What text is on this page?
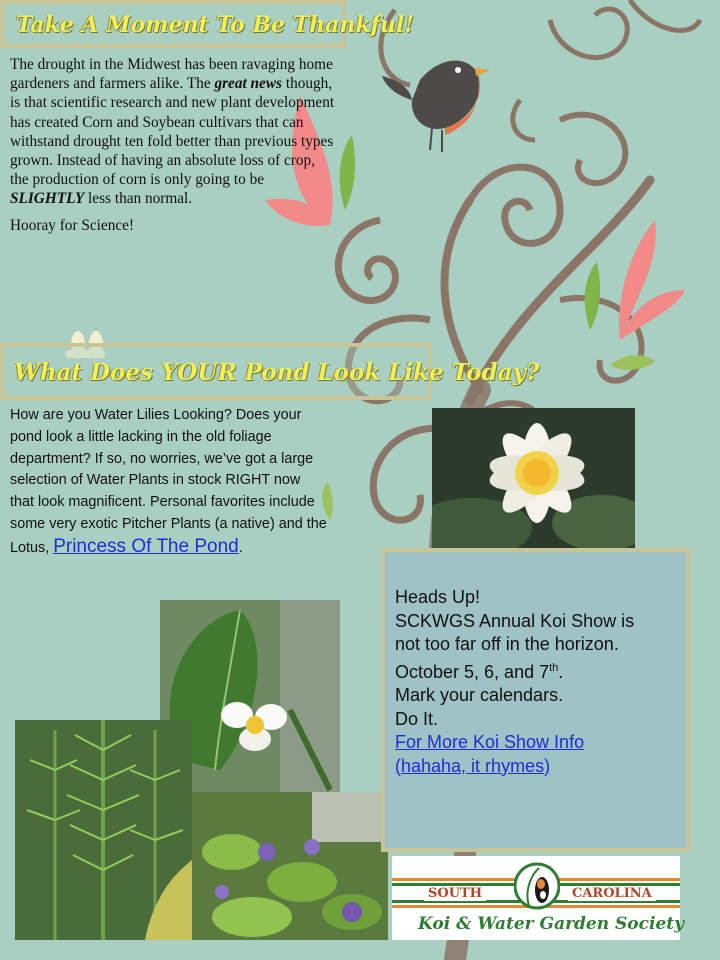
Take A Moment To Be Thankful!

The drought in the Midwest has been ravaging home gardeners and farmers alike. The great news though, is that scientific research and new plant development has created Corn and Soybean cultivars that can withstand drought ten fold better than previous types grown. Instead of having an absolute loss of crop, the production of corn is only going to be SLIGHTLY less than normal.

Hooray for Science!

What Does YOUR Pond Look Like Today?

How are you Water Lilies Looking? Does your pond look a little lacking in the old foliage department? If so, no worries, we’ve got a large selection of Water Plants in stock RIGHT now that look magnificent. Personal favorites include some very exotic Pitcher Plants (a native) and the Lotus, Princess Of The Pond.

Heads Up!
SCKWGS Annual Koi Show is
not too far off in the horizon.
October 5, 6, and 7th.
Mark your calendars.
Do It.
For More Koi Show Info
(hahaha, it rhymes)
SOUTH	CAROLINA
Koi & Water Garden Society
